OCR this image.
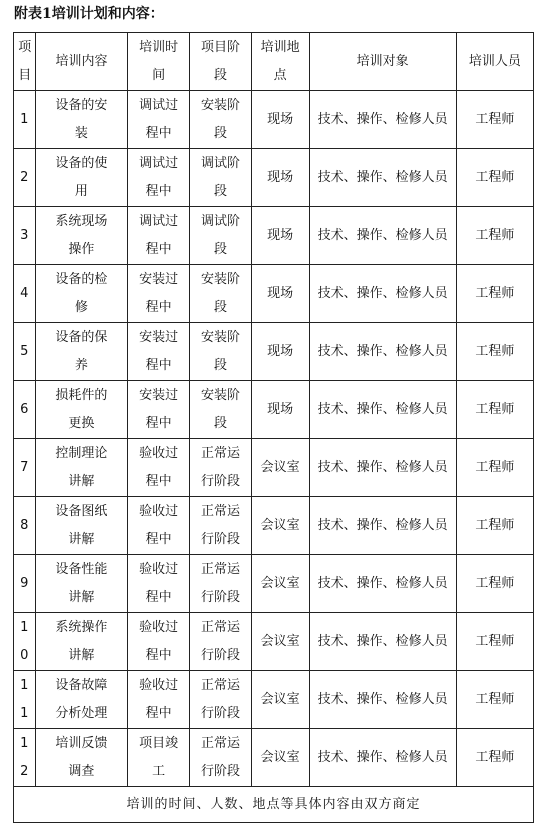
附表1培训计划和内容：
项目	培训内容	培训时间	项目阶段	培训地点	培训对象	培训人员

1	设备的安装	调试过程中	安装阶段	现场	技术、操作、检修人员	工程师

2	设备的使用	调试过程中	调试阶段	现场	技术、操作、检修人员	工程师

3	系统现场操作	调试过程中	调试阶段	现场	技术、操作、检修人员	工程师

4	设备的检修	安装过程中	安装阶段	现场	技术、操作、检修人员	工程师

5	设备的保养	安装过程中	安装阶段	现场	技术、操作、检修人员	工程师

6	损耗件的更换	安装过程中	安装阶段	现场	技术、操作、检修人员	工程师

7	控制理论讲解	验收过程中	正常运行阶段	会议室	技术、操作、检修人员	工程师

8	设备图纸讲解	验收过程中	正常运行阶段	会议室	技术、操作、检修人员	工程师

9	设备性能讲解	验收过程中	正常运行阶段	会议室	技术、操作、检修人员	工程师

10	系统操作讲解	验收过程中	正常运行阶段	会议室	技术、操作、检修人员	工程师

11	设备故障分析处理	验收过程中	正常运行阶段	会议室	技术、操作、检修人员	工程师

12	培训反馈调查	项目竣工	正常运行阶段	会议室	技术、操作、检修人员	工程师

培训的时间、人数、地点等具体内容由双方商定						
